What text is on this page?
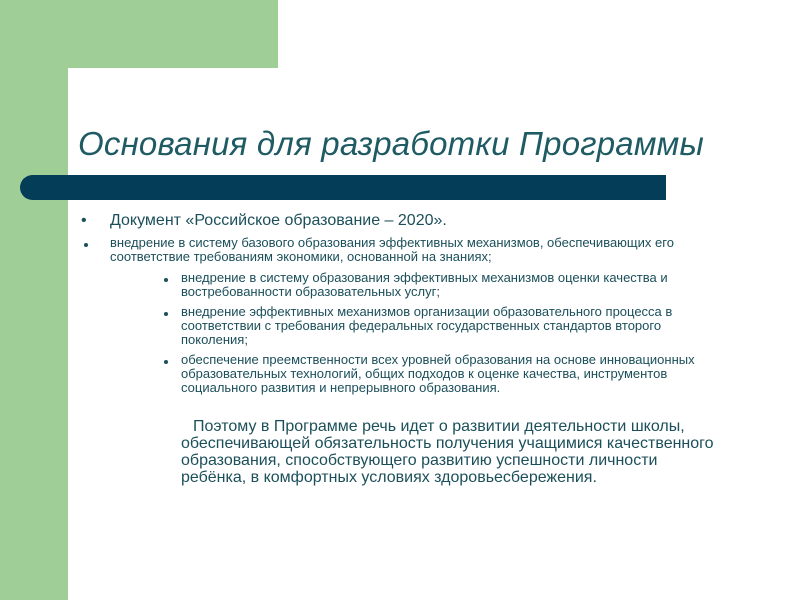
Основания для разработки Программы
• Документ «Российское образование – 2020».
внедрение в систему базового образования эффективных механизмов, обеспечивающих его соответствие требованиям экономики, основанной на знаниях;
внедрение в систему образования эффективных механизмов оценки качества и востребованности образовательных услуг;
внедрение эффективных механизмов организации образовательного процесса в соответствии с требования федеральных государственных стандартов второго поколения;
обеспечение преемственности всех уровней образования на основе инновационных образовательных технологий, общих подходов к оценке качества, инструментов социального развития и непрерывного образования.
Поэтому в Программе речь идет о развитии деятельности школы, обеспечивающей обязательность получения учащимися качественного образования, способствующего развитию успешности личности ребёнка, в комфортных условиях здоровьесбережения.
